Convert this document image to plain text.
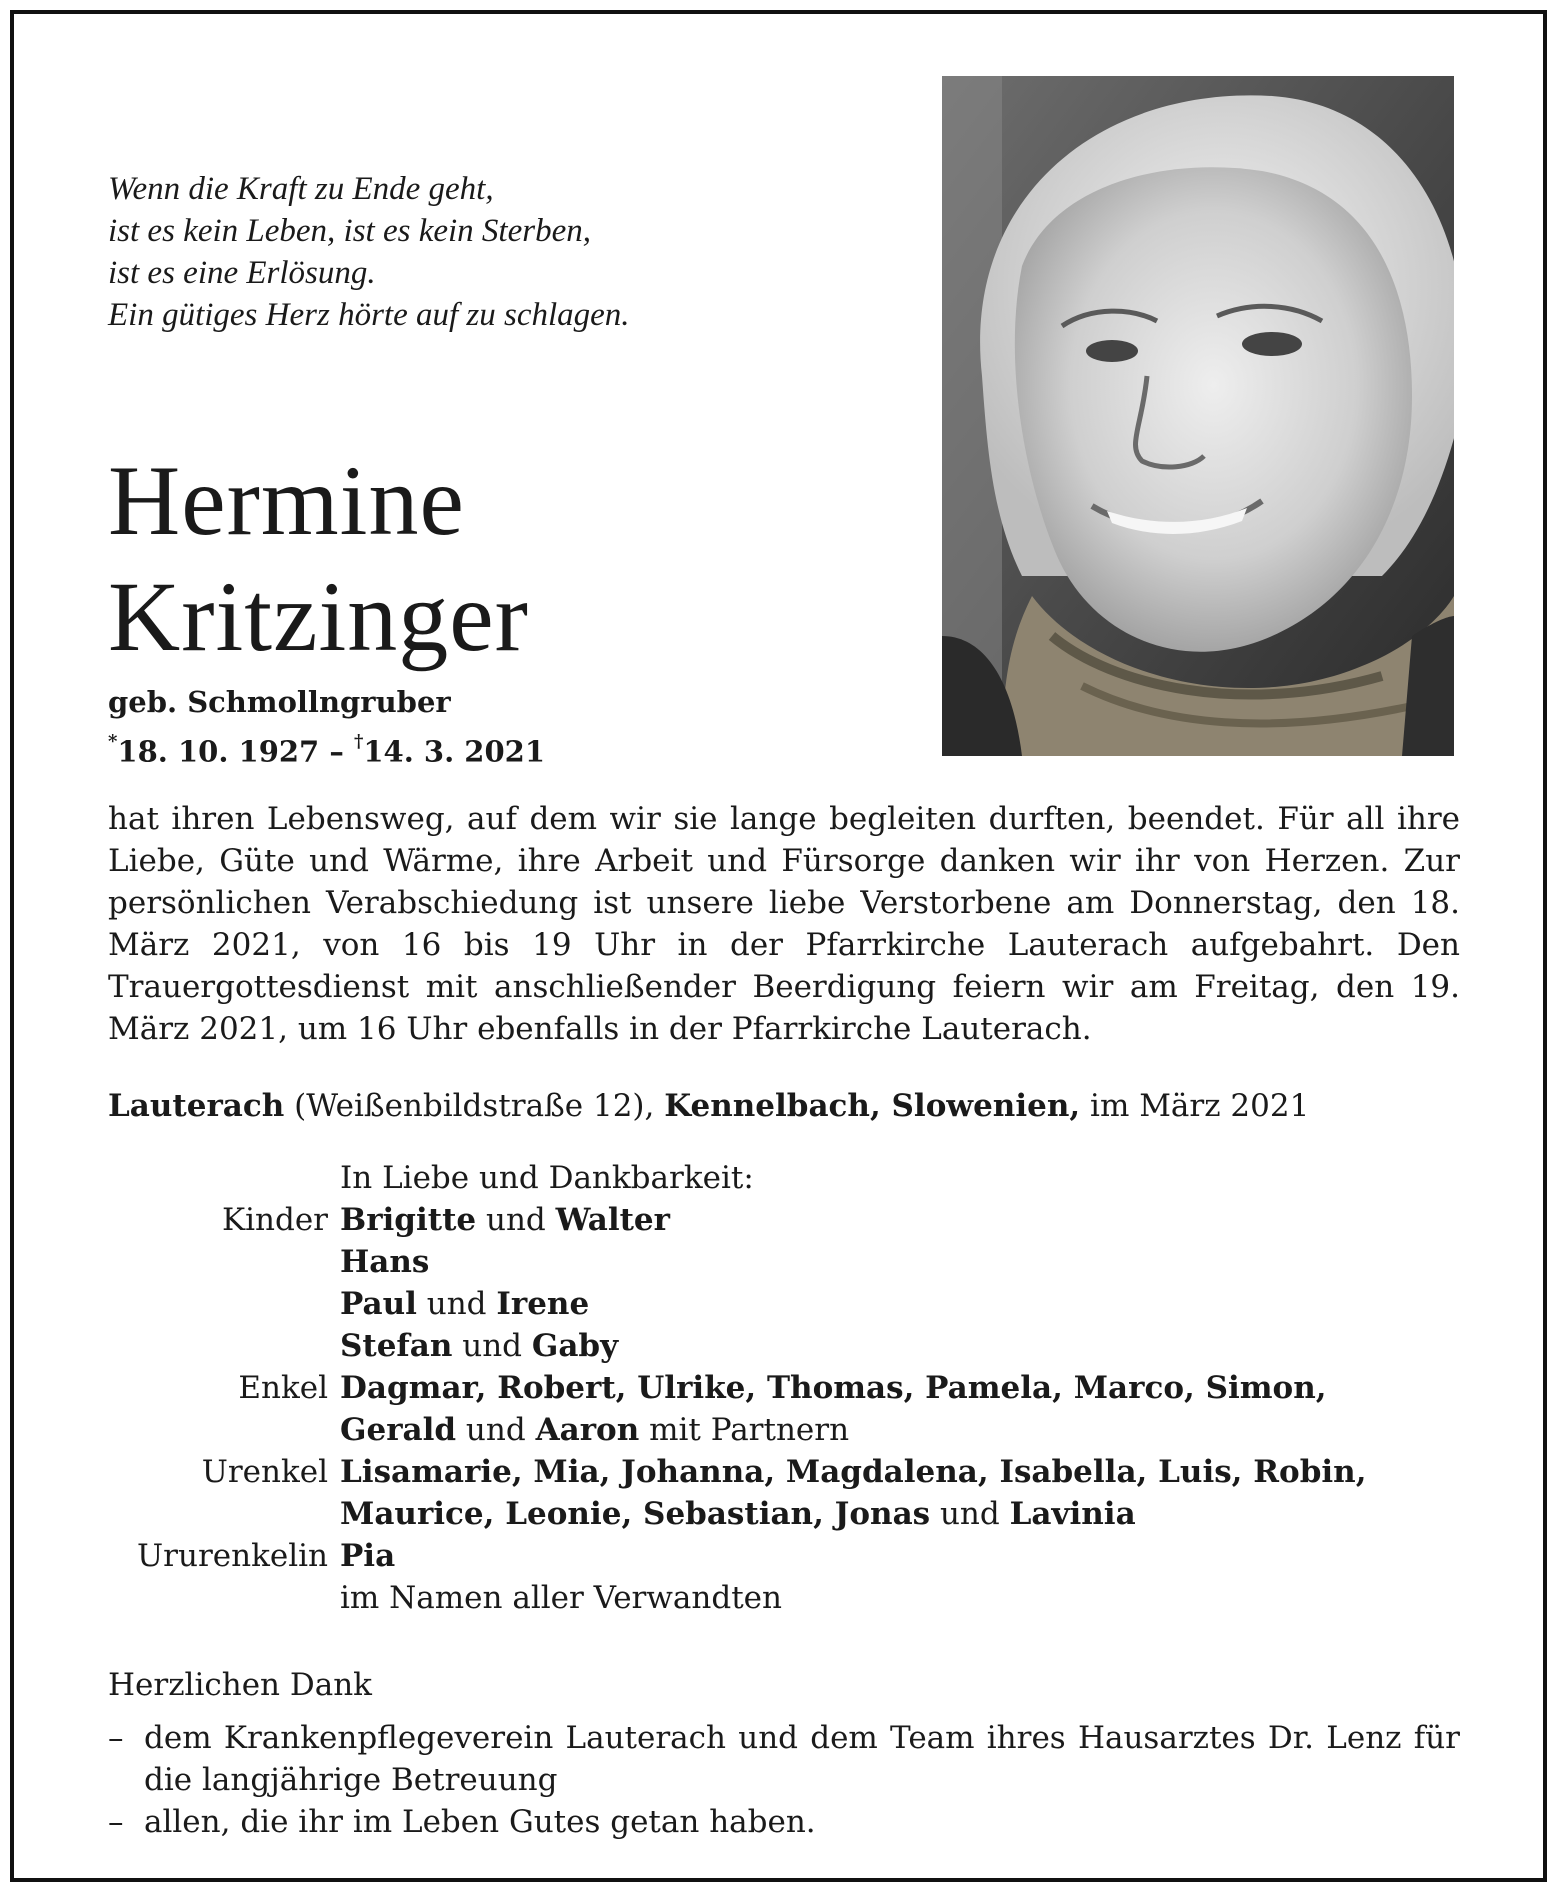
Wenn die Kraft zu Ende geht,
ist es kein Leben, ist es kein Sterben,
ist es eine Erlösung.
Ein gütiges Herz hörte auf zu schlagen.
Hermine
Kritzinger
geb. Schmollngruber
*18. 10. 1927 – †14. 3. 2021
hat ihren Lebensweg, auf dem wir sie lange begleiten durften, beendet. Für all ihre Liebe, Güte und Wärme, ihre Arbeit und Fürsorge danken wir ihr von Herzen. Zur persönlichen Verabschiedung ist unsere liebe Verstorbene am Donnerstag, den 18. März 2021, von 16 bis 19 Uhr in der Pfarrkirche Lauterach aufgebahrt. Den Trauergottesdienst mit anschließender Beerdigung feiern wir am Freitag, den 19. März 2021, um 16 Uhr ebenfalls in der Pfarrkirche Lauterach.
Lauterach (Weißenbildstraße 12), Kennelbach, Slowenien, im März 2021
In Liebe und Dankbarkeit:
Kinder Brigitte und Walter
Hans
Paul und Irene
Stefan und Gaby
Enkel Dagmar, Robert, Ulrike, Thomas, Pamela, Marco, Simon,
Gerald und Aaron mit Partnern
Urenkel Lisamarie, Mia, Johanna, Magdalena, Isabella, Luis, Robin,
Maurice, Leonie, Sebastian, Jonas und Lavinia
Ururenkelin Pia
im Namen aller Verwandten
Herzlichen Dank
– dem Krankenpflegeverein Lauterach und dem Team ihres Hausarztes Dr. Lenz für die langjährige Betreuung
– allen, die ihr im Leben Gutes getan haben.
